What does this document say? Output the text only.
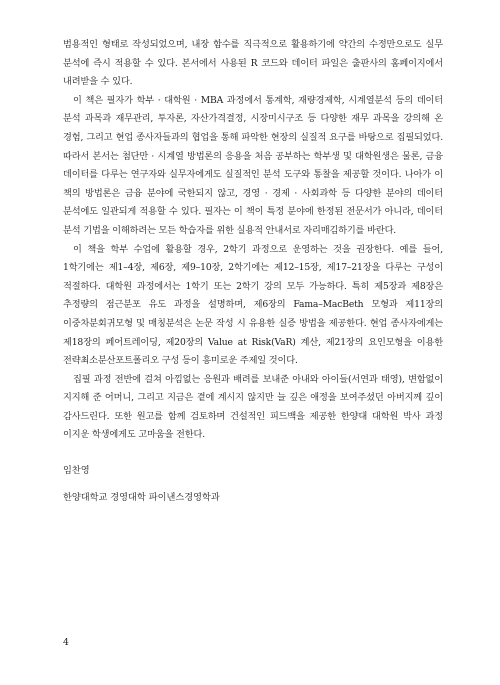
범용적인 형태로 작성되었으며, 내장 함수를 직극적으로 활용하기에 약간의 수정만으로도 실무 분석에 즉시 적용할 수 있다. 본서에서 사용된 R 코드와 데이터 파일은 출판사의 홈페이지에서 내려받을 수 있다.

이 책은 필자가 학부 · 대학원 · MBA 과정에서 통계학, 재량경제학, 시계열분석 등의 데이터 분석 과목과 재무관리, 투자론, 자산가격결정, 시장미시구조 등 다양한 재무 과목을 강의해 온 경험, 그리고 현업 종사자들과의 협업을 통해 파악한 현장의 실질적 요구를 바탕으로 집필되었다. 따라서 본서는 첨단만 · 시계열 방법론의 응용을 처음 공부하는 학부생 및 대학원생은 물론, 금융 데이터를 다루는 연구자와 실무자에게도 실질적인 분석 도구와 통찰을 제공할 것이다. 나아가 이 책의 방법론은 금융 분야에 국한되지 않고, 경영 · 경제 · 사회과학 등 다양한 분야의 데이터 분석에도 일관되게 적용할 수 있다. 필자는 이 책이 특정 분야에 한정된 전문서가 아니라, 데이터 분석 기법을 이해하려는 모든 학습자를 위한 실용적 안내서로 자리매김하기를 바란다.

이 책을 학부 수업에 활용할 경우, 2학기 과정으로 운영하는 것을 권장한다. 예를 들어, 1학기에는 제1–4장, 제6장, 제9–10장, 2학기에는 제12–15장, 제17–21장을 다루는 구성이 적절하다. 대학원 과정에서는 1학기 또는 2학기 강의 모두 가능하다. 특히 제5장과 제8장은 추정량의 점근분포 유도 과정을 설명하며, 제6장의 Fama–MacBeth 모형과 제11장의 이중차분회귀모형 및 매칭분석은 논문 작성 시 유용한 실증 방법을 제공한다. 현업 종사자에게는 제18장의 페어트레이딩, 제20장의 Value at Risk(VaR) 계산, 제21장의 요인모형을 이용한 전략최소분산포트폴리오 구성 등이 흥미로운 주제일 것이다.

집필 과정 전반에 걸쳐 아낌없는 응원과 배려를 보내준 아내와 아이들(서연과 태영), 변함없이 지지해 준 어머니, 그리고 지금은 곁에 계시지 않지만 늘 깊은 애정을 보여주셨던 아버지께 깊이 감사드린다. 또한 원고를 함께 검토하며 건설적인 피드백을 제공한 한양대 대학원 박사 과정 이지운 학생에게도 고마움을 전한다.

임찬영
한양대학교 경영대학 파이낸스경영학과
4
